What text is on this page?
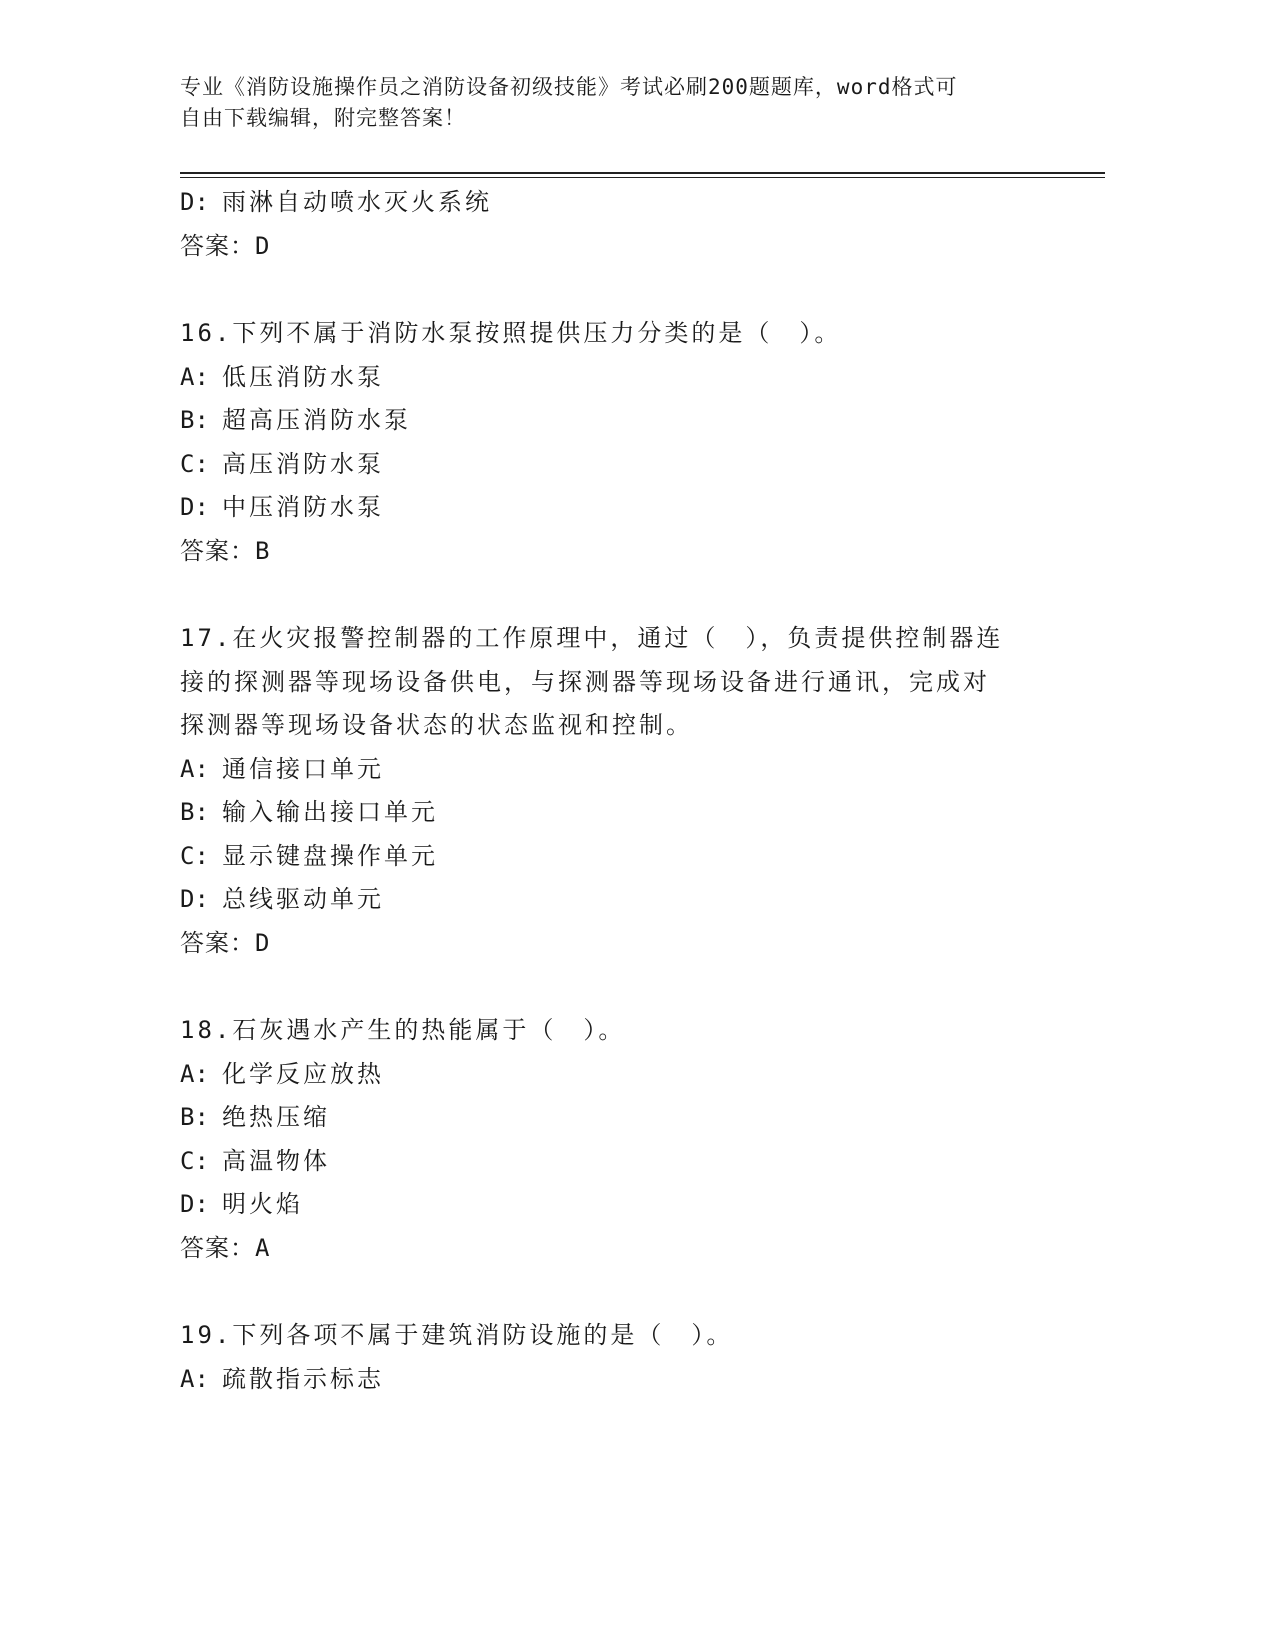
专业《消防设施操作员之消防设备初级技能》考试必刷200题题库，word格式可
自由下载编辑，附完整答案！
D: 雨淋自动喷水灭火系统
答案：D
16.下列不属于消防水泵按照提供压力分类的是（　）。
A: 低压消防水泵
B: 超高压消防水泵
C: 高压消防水泵
D: 中压消防水泵
答案：B
17.在火灾报警控制器的工作原理中，通过（　），负责提供控制器连
接的探测器等现场设备供电，与探测器等现场设备进行通讯，完成对
探测器等现场设备状态的状态监视和控制。
A: 通信接口单元
B: 输入输出接口单元
C: 显示键盘操作单元
D: 总线驱动单元
答案：D
18.石灰遇水产生的热能属于（　）。
A: 化学反应放热
B: 绝热压缩
C: 高温物体
D: 明火焰
答案：A
19.下列各项不属于建筑消防设施的是（　）。
A: 疏散指示标志
